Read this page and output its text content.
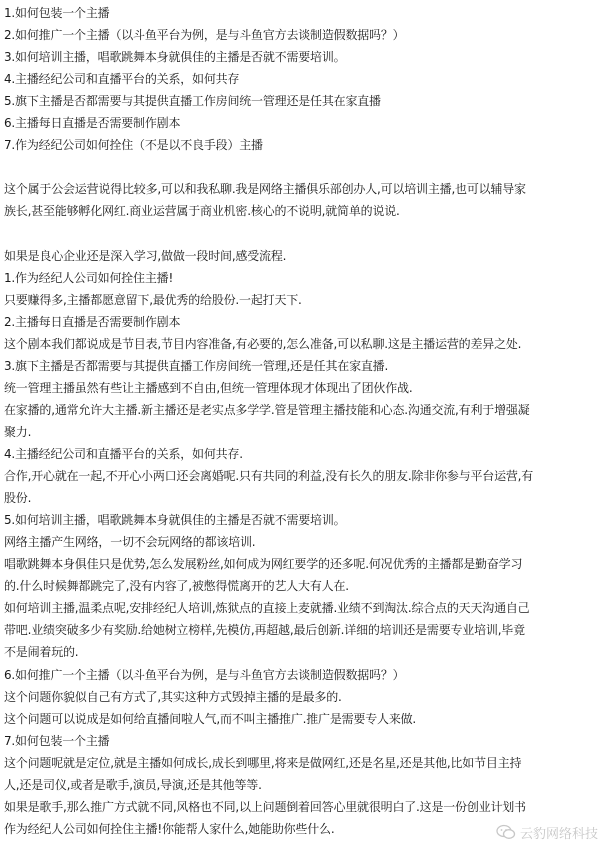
1.如何包装一个主播

2.如何推广一个主播（以斗鱼平台为例，是与斗鱼官方去谈制造假数据吗？）

3.如何培训主播，唱歌跳舞本身就俱佳的主播是否就不需要培训。

4.主播经纪公司和直播平台的关系，如何共存

5.旗下主播是否都需要与其提供直播工作房间统一管理还是任其在家直播

6.主播每日直播是否需要制作剧本

7.作为经纪公司如何拴住（不是以不良手段）主播

这个属于公会运营说得比较多,可以和我私聊.我是网络主播俱乐部创办人,可以培训主播,也可以辅导家

族长,甚至能够孵化网红.商业运营属于商业机密.核心的不说明,就简单的说说.

如果是良心企业还是深入学习,做做一段时间,感受流程.

1.作为经纪人公司如何拴住主播!

只要赚得多,主播都愿意留下,最优秀的给股份.一起打天下.

2.主播每日直播是否需要制作剧本

这个剧本我们都说成是节目表,节目内容准备,有必要的,怎么准备,可以私聊.这是主播运营的差异之处.

3.旗下主播是否都需要与其提供直播工作房间统一管理,还是任其在家直播.

统一管理主播虽然有些让主播感到不自由,但统一管理体现才体现出了团伙作战.

在家播的,通常允许大主播.新主播还是老实点多学学.管是管理主播技能和心态.沟通交流,有利于增强凝

聚力.

4.主播经纪公司和直播平台的关系，如何共存.

合作,开心就在一起,不开心小两口还会离婚呢.只有共同的利益,没有长久的朋友.除非你参与平台运营,有

股份.

5.如何培训主播，唱歌跳舞本身就俱佳的主播是否就不需要培训。

网络主播产生网络，一切不会玩网络的都该培训.

唱歌跳舞本身俱佳只是优势,怎么发展粉丝,如何成为网红要学的还多呢.何况优秀的主播都是勤奋学习

的.什么时候舞都跳完了,没有内容了,被憋得慌离开的艺人大有人在.

如何培训主播,温柔点呢,安排经纪人培训,炼狱点的直接上麦就播.业绩不到淘汰.综合点的天天沟通自己

带吧.业绩突破多少有奖励.给她树立榜样,先模仿,再超越,最后创新.详细的培训还是需要专业培训,毕竟

不是闹着玩的.

6.如何推广一个主播（以斗鱼平台为例，是与斗鱼官方去谈制造假数据吗？）

这个问题你貌似自己有方式了,其实这种方式毁掉主播的是最多的.

这个问题可以说成是如何给直播间啦人气,而不叫主播推广.推广是需要专人来做.

7.如何包装一个主播

这个问题呢就是定位,就是主播如何成长,成长到哪里,将来是做网红,还是名星,还是其他,比如节目主持

人,还是司仪,或者是歌手,演员,导演,还是其他等等.

如果是歌手,那么推广方式就不同,风格也不同,以上问题倒着回答心里就很明白了.这是一份创业计划书

作为经纪人公司如何拴住主播!你能帮人家什么,她能助你些什么.	云豹网络科技
